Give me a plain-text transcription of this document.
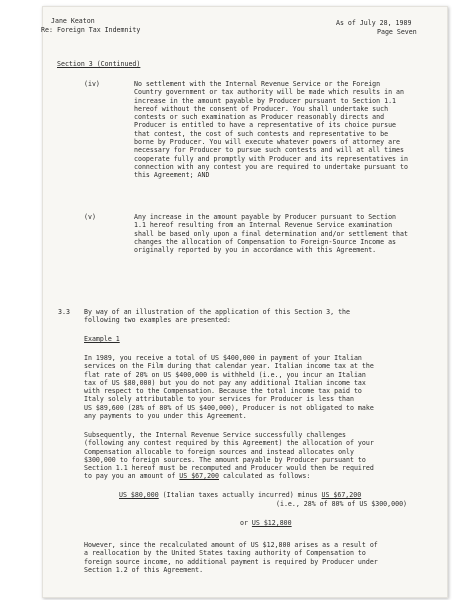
Jane Keaton
Re: Foreign Tax Indemnity
As of July 28, 1989
Page Seven
Section 3 (Continued)
(iv)	No settlement with the Internal Revenue Service or the Foreign
Country government or tax authority will be made which results in an
increase in the amount payable by Producer pursuant to Section 1.1
hereof without the consent of Producer. You shall undertake such
contests or such examination as Producer reasonably directs and
Producer is entitled to have a representative of its choice pursue
that contest, the cost of such contests and representative to be
borne by Producer. You will execute whatever powers of attorney are
necessary for Producer to pursue such contests and will at all times
cooperate fully and promptly with Producer and its representatives in
connection with any contest you are required to undertake pursuant to
this Agreement; AND
(v)	Any increase in the amount payable by Producer pursuant to Section
1.1 hereof resulting from an Internal Revenue Service examination
shall be based only upon a final determination and/or settlement that
changes the allocation of Compensation to Foreign-Source Income as
originally reported by you in accordance with this Agreement.
3.3 By way of an illustration of the application of this Section 3, the
following two examples are presented:
Example 1
In 1989, you receive a total of US $400,000 in payment of your Italian
services on the Film during that calendar year. Italian income tax at the
flat rate of 20% on US $400,000 is withheld (i.e., you incur an Italian
tax of US $80,000) but you do not pay any additional Italian income tax
with respect to the Compensation. Because the total income tax paid to
Italy solely attributable to your services for Producer is less than
US $89,600 (28% of 80% of US $400,000), Producer is not obligated to make
any payments to you under this Agreement.
Subsequently, the Internal Revenue Service successfully challenges
(following any contest required by this Agreement) the allocation of your
Compensation allocable to foreign sources and instead allocates only
$300,000 to foreign sources. The amount payable by Producer pursuant to
Section 1.1 hereof must be recomputed and Producer would then be required
to pay you an amount of US $67,200 calculated as follows:
US $80,000 (Italian taxes actually incurred) minus US $67,200
(i.e., 28% of 80% of US $300,000)
or US $12,800
However, since the recalculated amount of US $12,800 arises as a result of
a reallocation by the United States taxing authority of Compensation to
foreign source income, no additional payment is required by Producer under
Section 1.2 of this Agreement.
